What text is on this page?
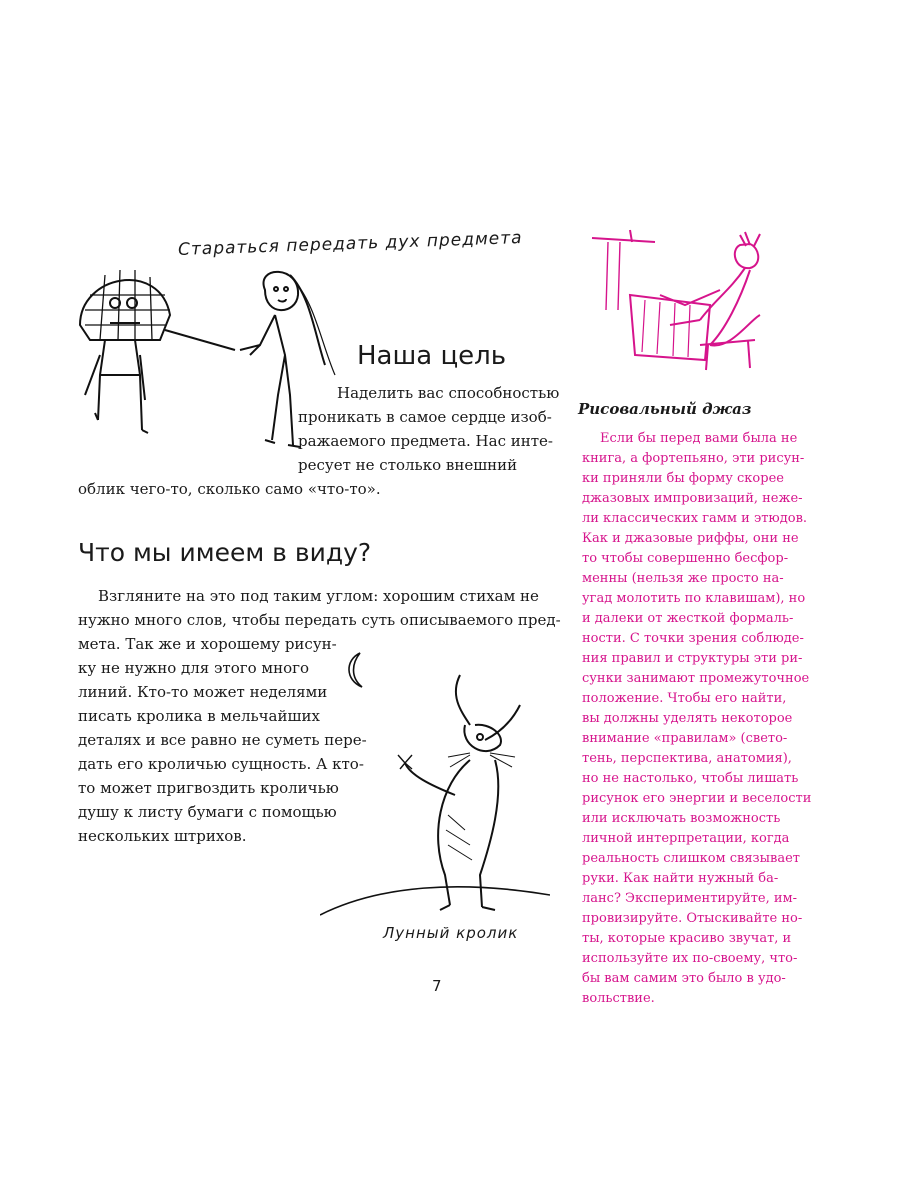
Стараться передать дух предмета
Наша цель
Наделить вас способностью
проникать в самое сердце изоб-
ражаемого предмета. Нас инте-
ресует не столько внешний
облик чего-то, сколько само «что-то».
Что мы имеем в виду?
Взгляните на это под таким углом: хорошим стихам не
нужно много слов, чтобы передать суть описываемого пред-
мета. Так же и хорошему рисун-
ку не нужно для этого много
линий. Кто-то может неделями
писать кролика в мельчайших
деталях и все равно не суметь пере-
дать его кроличью сущность. А кто-
то может пригвоздить кроличью
душу к листу бумаги с помощью
нескольких штрихов.
Лунный кролик
Рисовальный джаз
Если бы перед вами была не
книга, а фортепьяно, эти рисун-
ки приняли бы форму скорее
джазовых импровизаций, нежe-
ли классических гамм и этюдов.
Как и джазовые риффы, они не
то чтобы совершенно бесфор-
менны (нельзя же просто на-
угад молотить по клавишам), но
и далеки от жесткой формаль-
ности. С точки зрения соблюде-
ния правил и структуры эти ри-
сунки занимают промежуточное
положение. Чтобы его найти,
вы должны уделять некоторое
внимание «правилам» (свето-
тень, перспектива, анатомия),
но не настолько, чтобы лишать
рисунок его энергии и веселости
или исключать возможность
личной интерпретации, когда
реальность слишком связывает
руки. Как найти нужный ба-
ланс? Экспериментируйте, им-
провизируйте. Отыскивайте но-
ты, которые красиво звучат, и
используйте их по-своему, что-
бы вам самим это было в удо-
вольствие.
7
